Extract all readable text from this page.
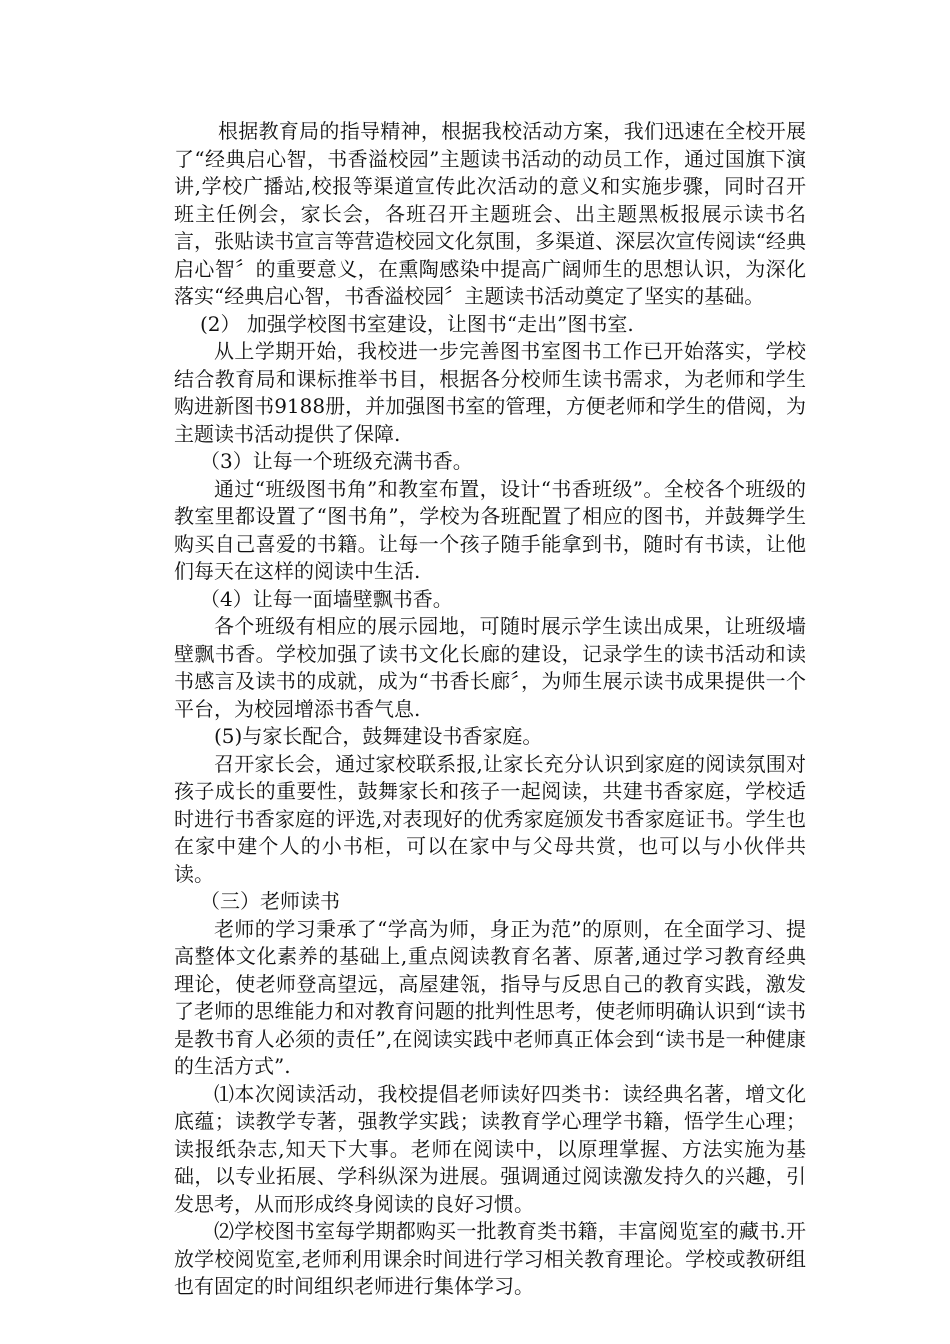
根据教育局的指导精神，根据我校活动方案，我们迅速在全校开展了“经典启心智，书香溢校园”主题读书活动的动员工作，通过国旗下演讲,学校广播站,校报等渠道宣传此次活动的意义和实施步骤，同时召开班主任例会，家长会，各班召开主题班会、出主题黑板报展示读书名言，张贴读书宣言等营造校园文化氛围，多渠道、深层次宣传阅读“经典启心智〞的重要意义，在熏陶感染中提高广阔师生的思想认识，为深化落实“经典启心智，书香溢校园〞主题读书活动奠定了坚实的基础。

(2） 加强学校图书室建设，让图书“走出”图书室.

从上学期开始，我校进一步完善图书室图书工作已开始落实，学校结合教育局和课标推举书目，根据各分校师生读书需求，为老师和学生购进新图书9188册，并加强图书室的管理，方便老师和学生的借阅，为主题读书活动提供了保障.

（3）让每一个班级充满书香。

通过“班级图书角”和教室布置，设计“书香班级”。全校各个班级的教室里都设置了“图书角”，学校为各班配置了相应的图书，并鼓舞学生购买自己喜爱的书籍。让每一个孩子随手能拿到书，随时有书读，让他们每天在这样的阅读中生活.

（4）让每一面墙壁飘书香。

各个班级有相应的展示园地，可随时展示学生读出成果，让班级墙壁飘书香。学校加强了读书文化长廊的建设，记录学生的读书活动和读书感言及读书的成就，成为“书香长廊〞，为师生展示读书成果提供一个平台，为校园增添书香气息.

(5)与家长配合，鼓舞建设书香家庭。

召开家长会，通过家校联系报,让家长充分认识到家庭的阅读氛围对孩子成长的重要性，鼓舞家长和孩子一起阅读，共建书香家庭，学校适时进行书香家庭的评选,对表现好的优秀家庭颁发书香家庭证书。学生也在家中建个人的小书柜，可以在家中与父母共赏，也可以与小伙伴共读。

（三）老师读书

老师的学习秉承了“学高为师，身正为范”的原则，在全面学习、提高整体文化素养的基础上,重点阅读教育名著、原著,通过学习教育经典理论，使老师登高望远，高屋建瓴，指导与反思自己的教育实践，激发了老师的思维能力和对教育问题的批判性思考，使老师明确认识到“读书是教书育人必须的责任”,在阅读实践中老师真正体会到“读书是一种健康的生活方式”.

⑴本次阅读活动，我校提倡老师读好四类书：读经典名著，增文化底蕴；读教学专著，强教学实践；读教育学心理学书籍，悟学生心理；读报纸杂志,知天下大事。老师在阅读中，以原理掌握、方法实施为基础，以专业拓展、学科纵深为进展。强调通过阅读激发持久的兴趣，引发思考，从而形成终身阅读的良好习惯。

⑵学校图书室每学期都购买一批教育类书籍，丰富阅览室的藏书.开放学校阅览室,老师利用课余时间进行学习相关教育理论。学校或教研组也有固定的时间组织老师进行集体学习。
